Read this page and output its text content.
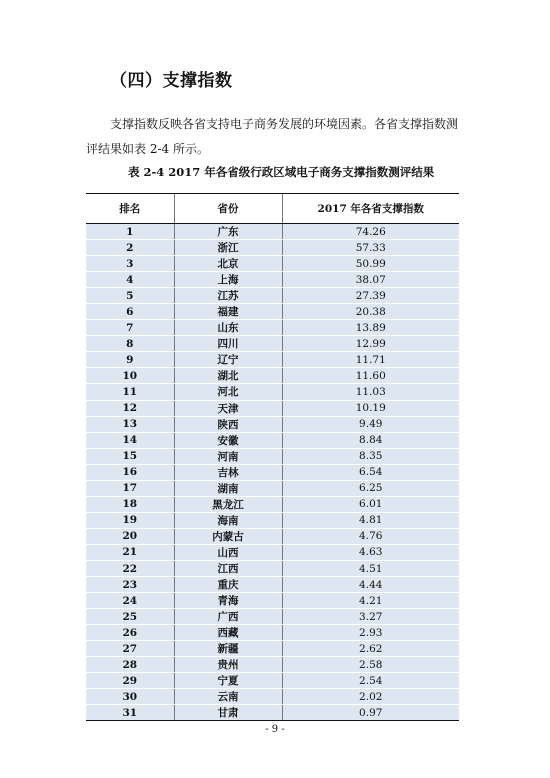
（四）支撑指数
支撑指数反映各省支持电子商务发展的环境因素。各省支撑指数测评结果如表 2-4 所示。
表 2-4 2017 年各省级行政区域电子商务支撑指数测评结果
排名	省份	2017 年各省支撑指数
1	广东	74.26
2	浙江	57.33
3	北京	50.99
4	上海	38.07
5	江苏	27.39
6	福建	20.38
7	山东	13.89
8	四川	12.99
9	辽宁	11.71
10	湖北	11.60
11	河北	11.03
12	天津	10.19
13	陕西	9.49
14	安徽	8.84
15	河南	8.35
16	吉林	6.54
17	湖南	6.25
18	黑龙江	6.01
19	海南	4.81
20	内蒙古	4.76
21	山西	4.63
22	江西	4.51
23	重庆	4.44
24	青海	4.21
25	广西	3.27
26	西藏	2.93
27	新疆	2.62
28	贵州	2.58
29	宁夏	2.54
30	云南	2.02
31	甘肃	0.97
- 9 -
